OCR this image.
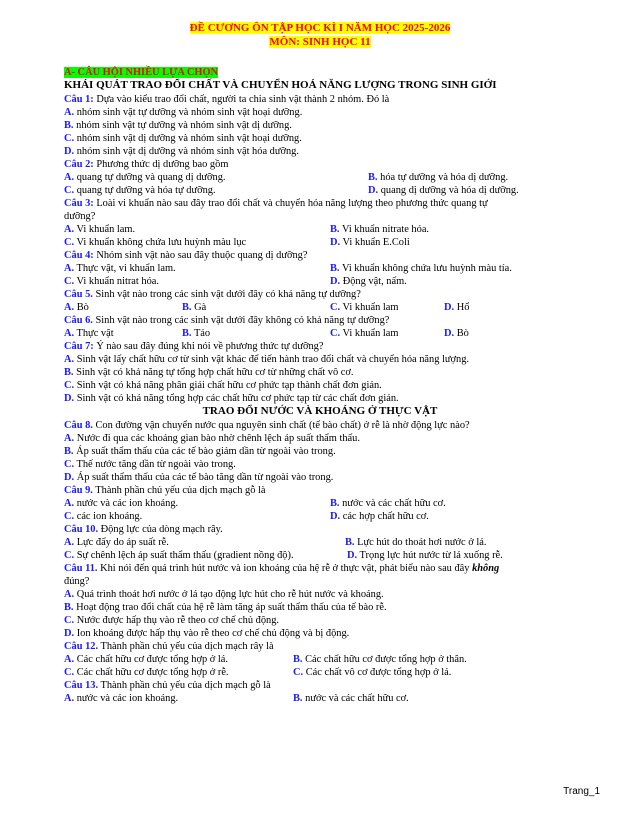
ĐỀ CƯƠNG ÔN TẬP HỌC KÌ I NĂM HỌC 2025-2026
MÔN: SINH HỌC 11
A- CÂU HỘI NHIỀU LỰA CHỌN
KHÁI QUÁT TRAO ĐỔI CHẤT VÀ CHUYỂN HOÁ NĂNG LƯỢNG TRONG SINH GIỚI
Câu 1: Dựa vào kiểu trao đổi chất, người ta chia sinh vật thành 2 nhóm. Đó là
A. nhóm sinh vật tự dưỡng và nhóm sinh vật hoại dưỡng.
B. nhóm sinh vật tự dưỡng và nhóm sinh vật dị dưỡng.
C. nhóm sinh vật dị dưỡng và nhóm sinh vật hoại dưỡng.
D. nhóm sinh vật dị dưỡng và nhóm sinh vật hóa dưỡng.
Câu 2: Phương thức dị dưỡng bao gồm
A. quang tự dưỡng và quang dị dưỡng.	B. hóa tự dưỡng và hóa dị dưỡng.
C. quang tự dưỡng và hóa tự dưỡng.	D. quang dị dưỡng và hóa dị dưỡng.
Câu 3: Loài vi khuẩn nào sau đây trao đổi chất và chuyển hóa năng lượng theo phương thức quang tự
dưỡng?
A. Vi khuẩn lam.	B. Vi khuẩn nitrate hóa.
C. Vi khuẩn không chứa lưu huỳnh màu lục	D. Vi khuẩn E.Coli
Câu 4: Nhóm sinh vật nào sau đây thuộc quang dị dưỡng?
A. Thực vật, vi khuẩn lam.	B. Vi khuẩn không chứa lưu huỳnh màu tía.
C. Vi khuẩn nitrat hóa.	D. Động vật, nấm.
Câu 5. Sinh vật nào trong các sinh vật dưới đây có khả năng tự dưỡng?
A. Bò	B. Gà	C. Vi khuẩn lam	D. Hổ
Câu 6. Sinh vật nào trong các sinh vật dưới đây không có khả năng tự dưỡng?
A. Thực vật	B. Tảo	C. Vi khuẩn lam	D. Bò
Câu 7: Ý nào sau đây đúng khi nói về phương thức tự dưỡng?
A. Sinh vật lấy chất hữu cơ từ sinh vật khác để tiến hành trao đổi chất và chuyển hóa năng lượng.
B. Sinh vật có khả năng tự tổng hợp chất hữu cơ từ những chất vô cơ.
C. Sinh vật có khả năng phân giải chất hữu cơ phức tạp thành chất đơn giản.
D. Sinh vật có khả năng tổng hợp các chất hữu cơ phức tạp từ các chất đơn giản.
TRAO ĐỔI NƯỚC VÀ KHOÁNG Ở THỰC VẬT
Câu 8. Con đường vận chuyển nước qua nguyên sinh chất (tế bào chất) ở rễ là nhờ động lực nào?
A. Nước đi qua các khoảng gian bào nhờ chênh lệch áp suất thẩm thấu.
B. Áp suất thẩm thấu của các tế bào giảm dần từ ngoài vào trong.
C. Thế nước tăng dần từ ngoài vào trong.
D. Áp suất thẩm thấu của các tế bào tăng dần từ ngoài vào trong.
Câu 9. Thành phần chủ yếu của dịch mạch gỗ là
A. nước và các ion khoáng.	B. nước và các chất hữu cơ.
C. các ion khoáng.	D. các hợp chất hữu cơ.
Câu 10. Động lực của dòng mạch rây.
A. Lực đẩy do áp suất rễ.	B. Lực hút do thoát hơi nước ở lá.
C. Sự chênh lệch áp suất thẩm thấu (gradient nồng độ).	D. Trọng lực hút nước từ lá xuống rễ.
Câu 11. Khi nói đến quá trình hút nước và ion khoáng của hệ rễ ở thực vật, phát biểu nào sau đây không
đúng?
A. Quá trình thoát hơi nước ở lá tạo động lực hút cho rễ hút nước và khoáng.
B. Hoạt động trao đổi chất của hệ rễ làm tăng áp suất thẩm thấu của tế bào rễ.
C. Nước được hấp thụ vào rễ theo cơ chế chủ động.
D. Ion khoáng được hấp thụ vào rễ theo cơ chế chủ động và bị động.
Câu 12. Thành phần chủ yếu của dịch mạch rây là
A. Các chất hữu cơ được tổng hợp ở lá.	B. Các chất hữu cơ được tổng hợp ở thân.
C. Các chất hữu cơ được tổng hợp ở rễ.	C. Các chất vô cơ được tổng hợp ở lá.
Câu 13. Thành phần chủ yếu của dịch mạch gỗ là
A. nước và các ion khoáng.	B. nước và các chất hữu cơ.
Trang_1
